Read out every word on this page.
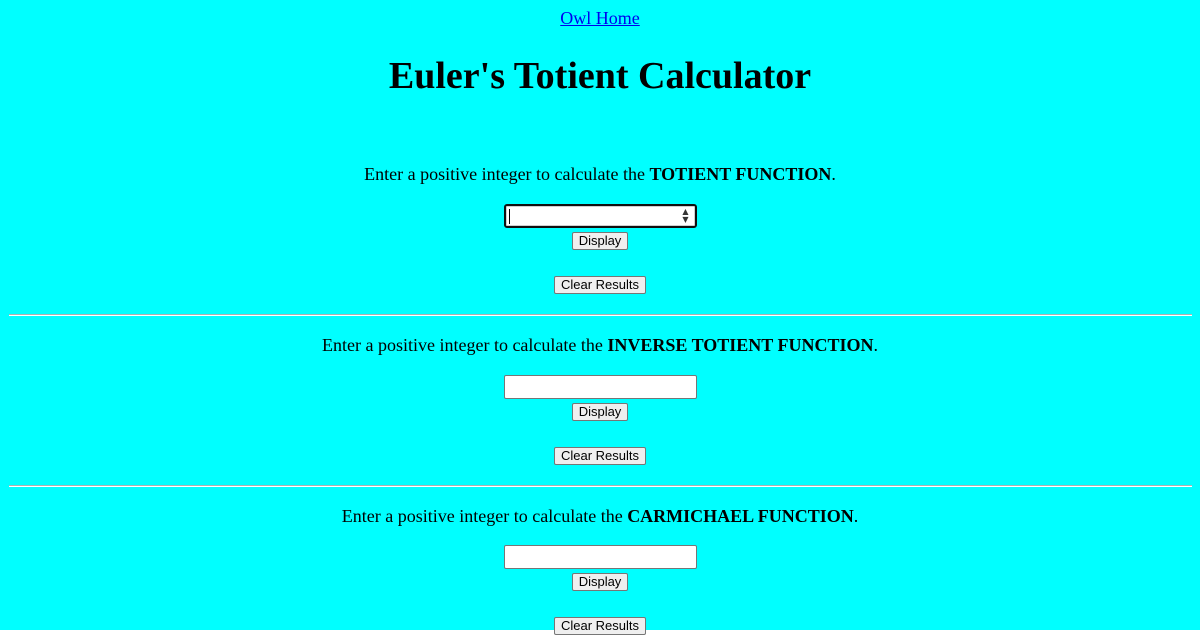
Owl Home
Euler's Totient Calculator
Enter a positive integer to calculate the TOTIENT FUNCTION.
▲
▼
Display
Clear Results
Enter a positive integer to calculate the INVERSE TOTIENT FUNCTION.
Display
Clear Results
Enter a positive integer to calculate the CARMICHAEL FUNCTION.
Display
Clear Results
